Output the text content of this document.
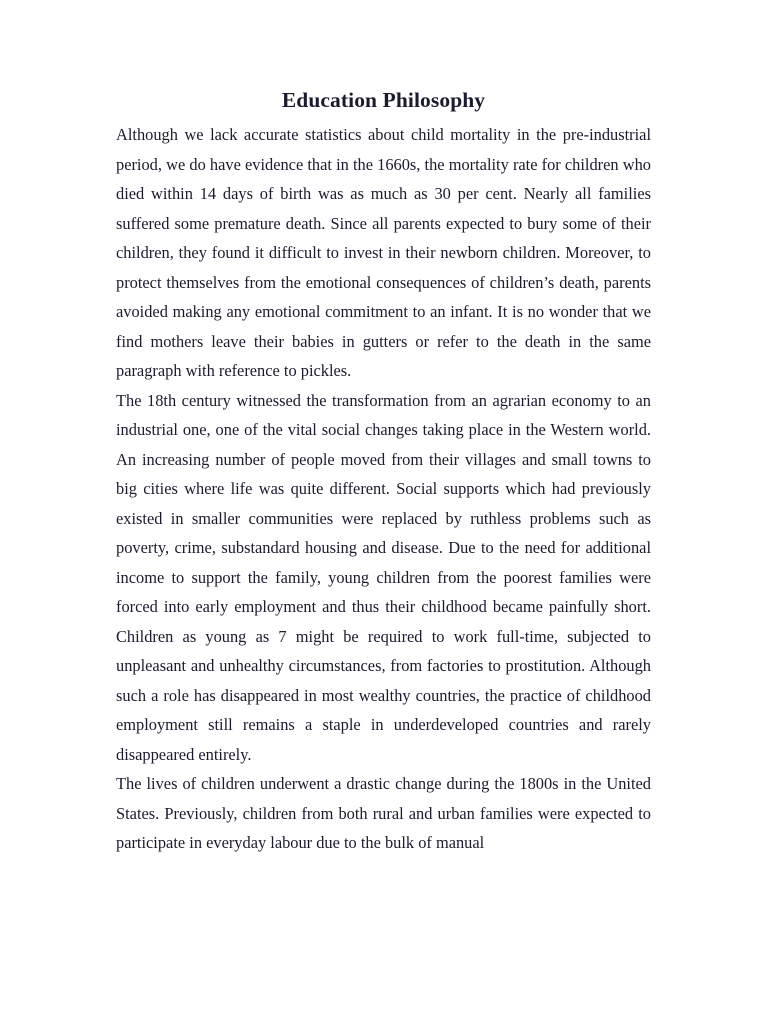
Education Philosophy

Although we lack accurate statistics about child mortality in the pre-industrial period, we do have evidence that in the 1660s, the mortality rate for children who died within 14 days of birth was as much as 30 per cent. Nearly all families suffered some premature death. Since all parents expected to bury some of their children, they found it difficult to invest in their newborn children. Moreover, to protect themselves from the emotional consequences of children’s death, parents avoided making any emotional commitment to an infant. It is no wonder that we find mothers leave their babies in gutters or refer to the death in the same paragraph with reference to pickles.

The 18th century witnessed the transformation from an agrarian economy to an industrial one, one of the vital social changes taking place in the Western world. An increasing number of people moved from their villages and small towns to big cities where life was quite different. Social supports which had previously existed in smaller communities were replaced by ruthless problems such as poverty, crime, substandard housing and disease. Due to the need for additional income to support the family, young children from the poorest families were forced into early employment and thus their childhood became painfully short. Children as young as 7 might be required to work full-time, subjected to unpleasant and unhealthy circumstances, from factories to prostitution. Although such a role has disappeared in most wealthy countries, the practice of childhood employment still remains a staple in underdeveloped countries and rarely disappeared entirely.

The lives of children underwent a drastic change during the 1800s in the United States. Previously, children from both rural and urban families were expected to participate in everyday labour due to the bulk of manual
